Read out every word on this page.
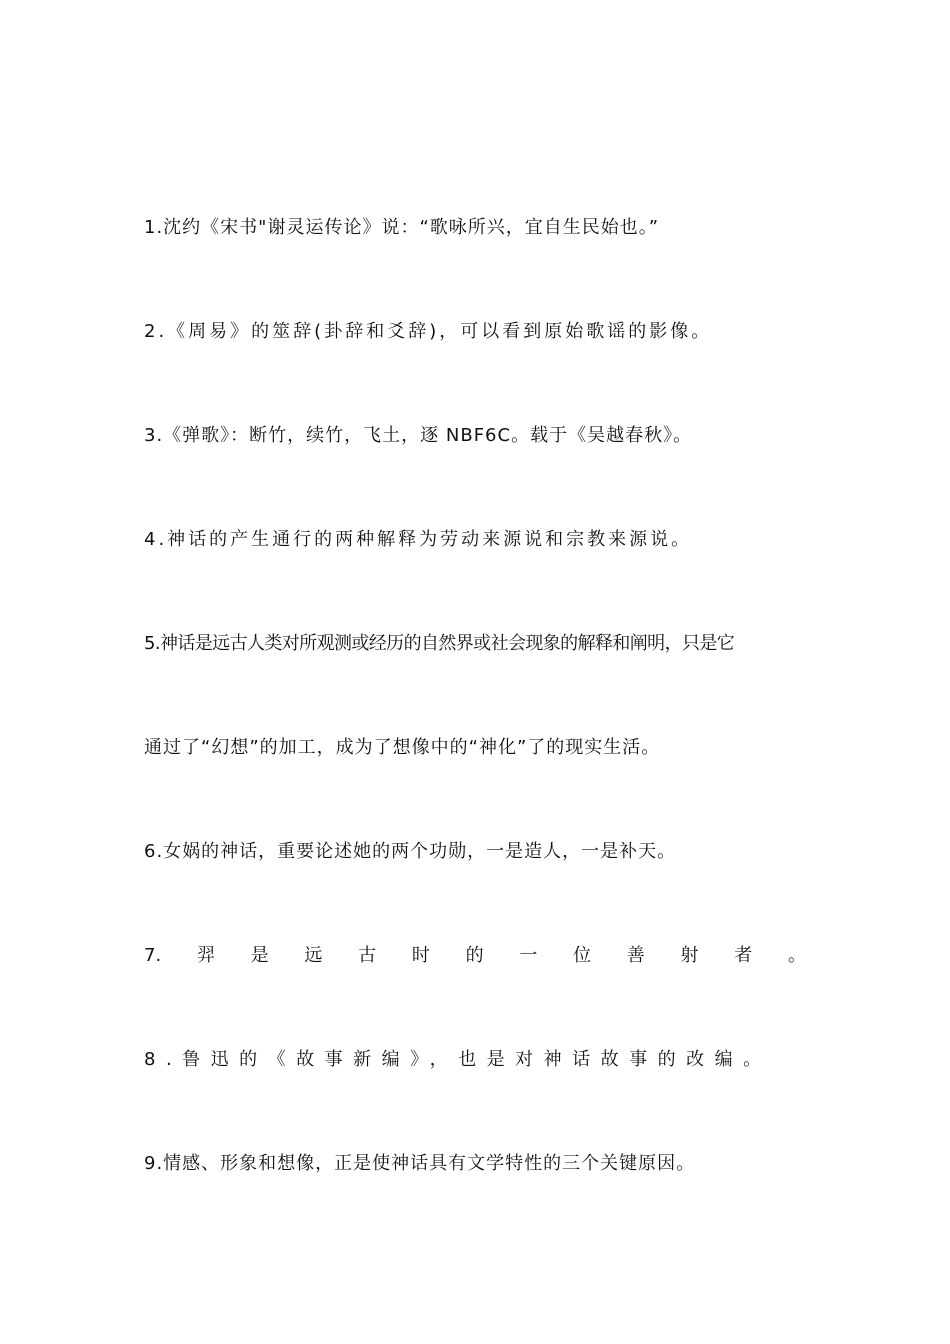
1.沈约《宋书"谢灵运传论》说：“歌咏所兴，宜自生民始也。”
2.《周易》的筮辞(卦辞和爻辞)，可以看到原始歌谣的影像。
3.《弹歌》：断竹，续竹，飞土，逐 NBF6C。载于《吴越春秋》。
4.神话的产生通行的两种解释为劳动来源说和宗教来源说。
5.神话是远古人类对所观测或经历的自然界或社会现象的解释和阐明，只是它
通过了“幻想”的加工，成为了想像中的“神化”了的现实生活。
6.女娲的神话，重要论述她的两个功勋，一是造人，一是补天。
7. 羿 是 远 古 时 的 一 位 善 射 者 。
8.鲁迅的《故事新编》，也是对神话故事的改编。
9.情感、形象和想像，正是使神话具有文学特性的三个关键原因。
